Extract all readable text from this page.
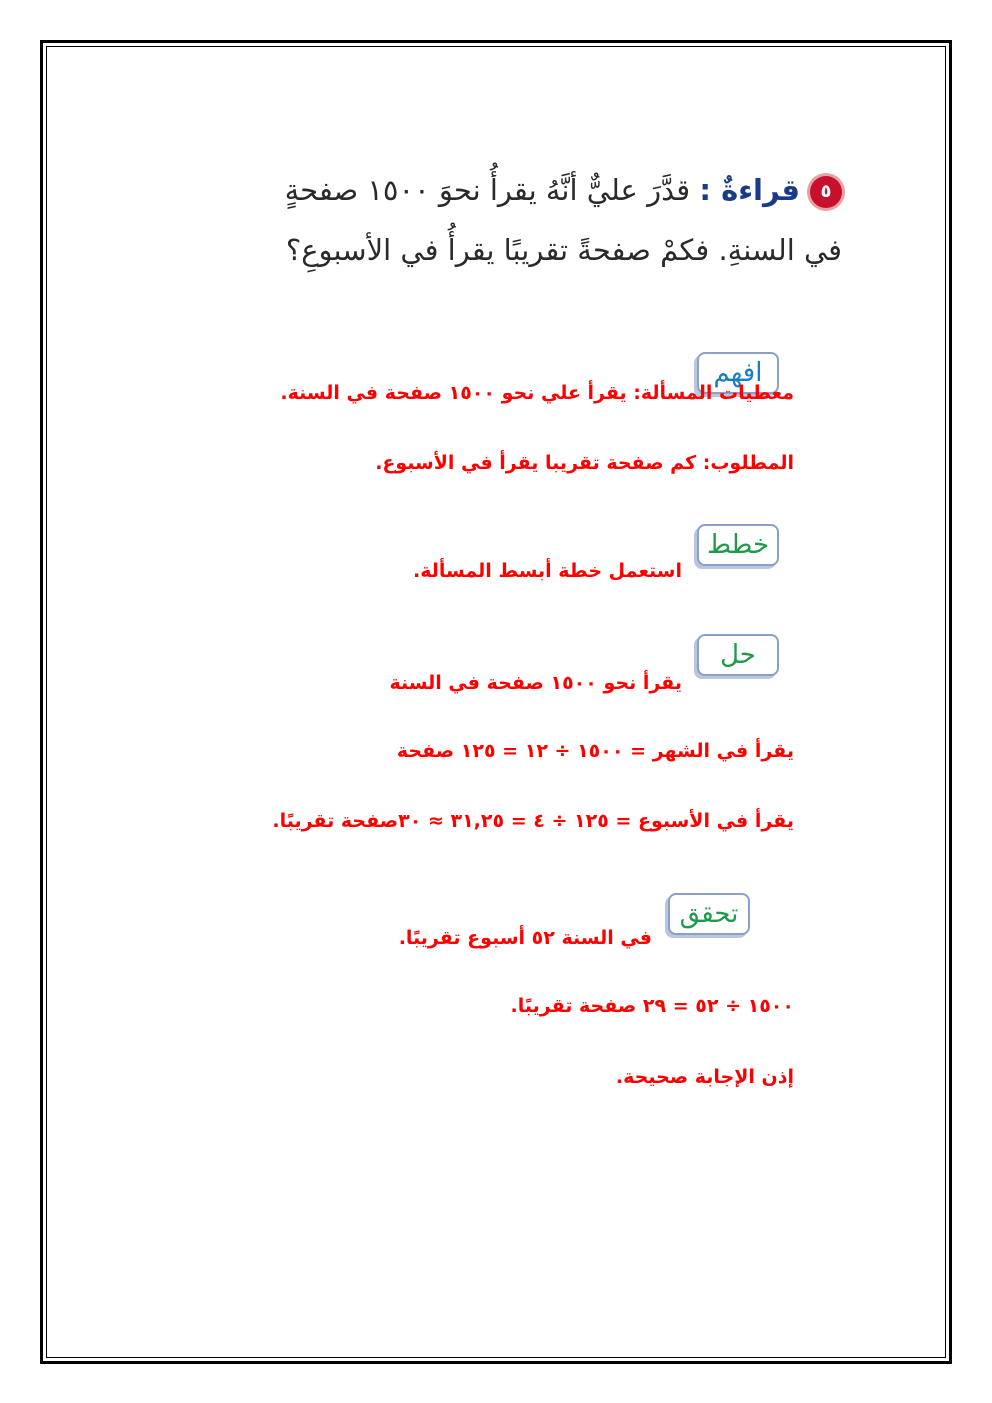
٥قراءةٌ : قدَّرَ عليٌّ أنَّهُ يقرأُ نحوَ ١٥٠٠ صفحةٍ
في السنةِ. فكمْ صفحةً تقريبًا يقرأُ في الأسبوعِ؟
افهم
معطيات المسألة: يقرأ علي نحو ١٥٠٠ صفحة في السنة.
المطلوب: كم صفحة تقريبا يقرأ في الأسبوع.
خطط
استعمل خطة أبسط المسألة.
حل
يقرأ نحو ١٥٠٠ صفحة في السنة
يقرأ في الشهر = ١٥٠٠ ÷ ١٢ = ١٢٥ صفحة
يقرأ في الأسبوع = ١٢٥ ÷ ٤ = ٣١,٢٥ ≈ ٣٠صفحة تقريبًا.
تحقق
في السنة ٥٢ أسبوع تقريبًا.
١٥٠٠ ÷ ٥٢ = ٢٩ صفحة تقريبًا.
إذن الإجابة صحيحة.
